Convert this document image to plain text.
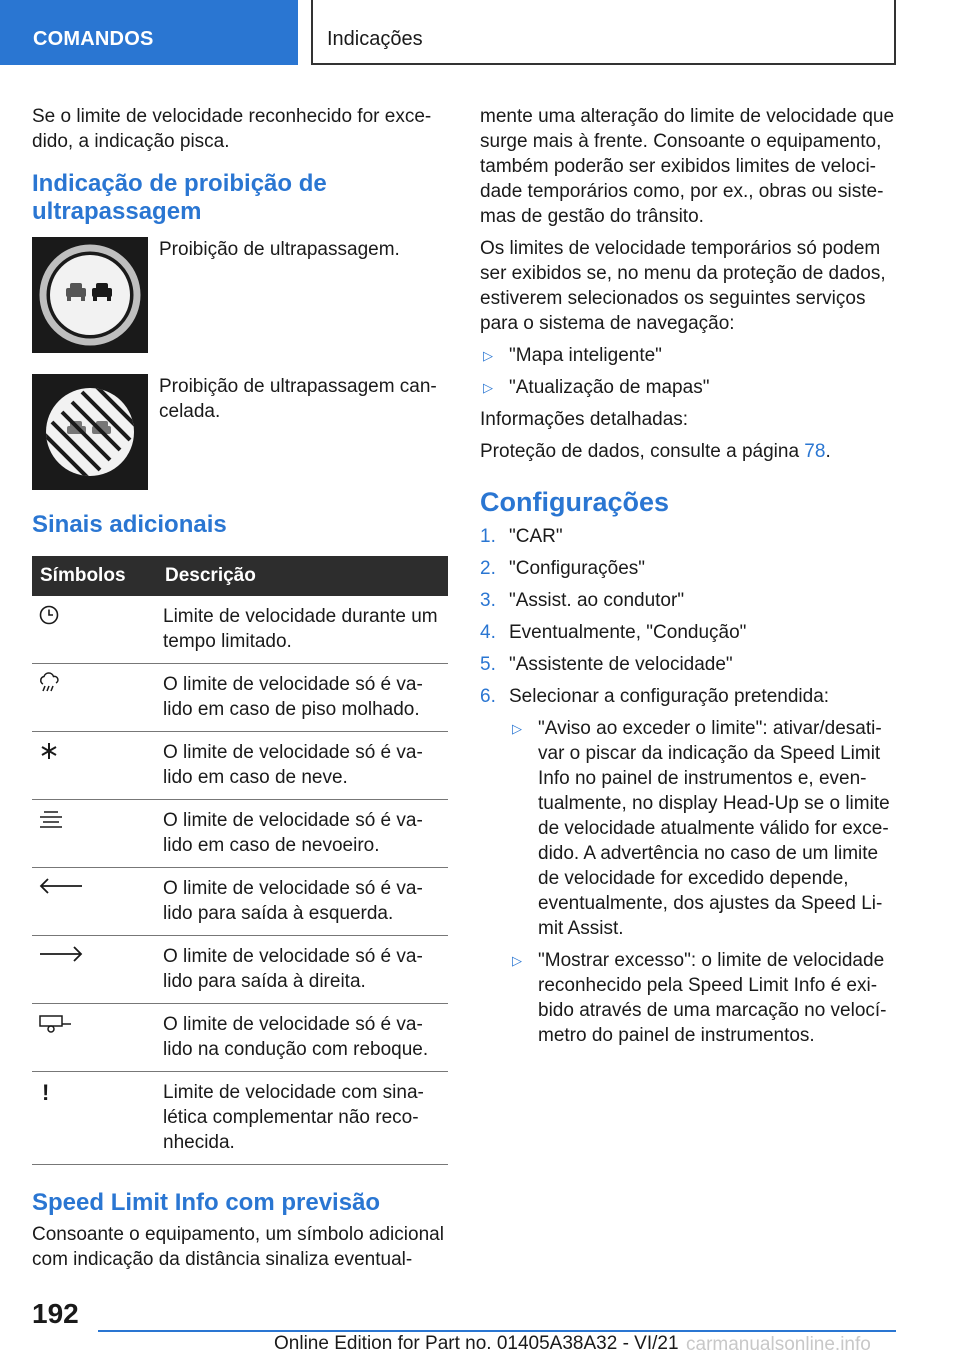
COMANDOS	Indicações

Se o limite de velocidade reconhecido for exce-dido, a indicação pisca.

Indicação de proibição de ultrapassagem
Proibição de ultrapassagem.
Proibição de ultrapassagem can-celada.
Sinais adicionais
Símbolos	Descrição
	Limite de velocidade durante um tempo limitado.
	O limite de velocidade só é va-lido em caso de piso molhado.
	O limite de velocidade só é va-lido em caso de neve.
	O limite de velocidade só é va-lido em caso de nevoeiro.
	O limite de velocidade só é va-lido para saída à esquerda.
	O limite de velocidade só é va-lido para saída à direita.
	O limite de velocidade só é va-lido na condução com reboque.
!	Limite de velocidade com sina-lética complementar não reco-nhecida.
Speed Limit Info com previsão

Consoante o equipamento, um símbolo adicional com indicação da distância sinaliza eventual-

mente uma alteração do limite de velocidade que surge mais à frente. Consoante o equipamento, também poderão ser exibidos limites de veloci-dade temporários como, por ex., obras ou siste-mas de gestão do trânsito.

Os limites de velocidade temporários só podem ser exibidos se, no menu da proteção de dados, estiverem selecionados os seguintes serviços para o sistema de navegação:

▷ "Mapa inteligente"
▷ "Atualização de mapas"

Informações detalhadas:

Proteção de dados, consulte a página 78.

Configurações
1. "CAR"
2. "Configurações"
3. "Assist. ao condutor"
4. Eventualmente, "Condução"
5. "Assistente de velocidade"
6. Selecionar a configuração pretendida:
▷ "Aviso ao exceder o limite": ativar/desati-var o piscar da indicação da Speed Limit Info no painel de instrumentos e, even-tualmente, no display Head-Up se o limite de velocidade atualmente válido for exce-dido. A advertência no caso de um limite de velocidade for excedido depende, eventualmente, dos ajustes da Speed Li-mit Assist.
▷ "Mostrar excesso": o limite de velocidade reconhecido pela Speed Limit Info é exi-bido através de uma marcação no velocí-metro do painel de instrumentos.
192
Online Edition for Part no. 01405A38A32 - VI/21 carmanualsonline.info
